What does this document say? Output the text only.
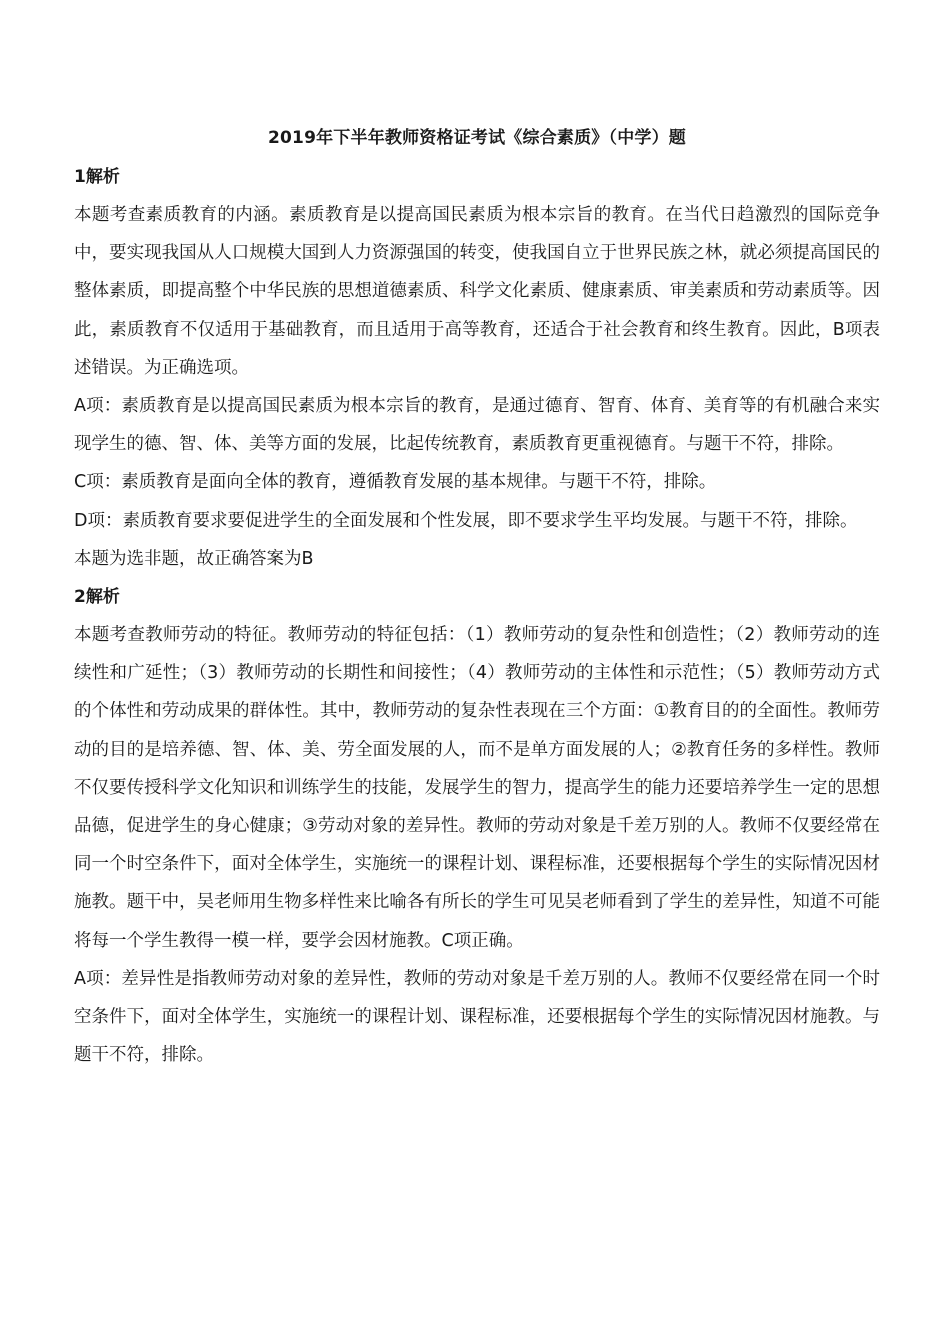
2019年下半年教师资格证考试《综合素质》（中学）题

1解析

本题考查素质教育的内涵。素质教育是以提高国民素质为根本宗旨的教育。在当代日趋激烈的国际竞争中，要实现我国从人口规模大国到人力资源强国的转变，使我国自立于世界民族之林，就必须提高国民的整体素质，即提高整个中华民族的思想道德素质、科学文化素质、健康素质、审美素质和劳动素质等。因此，素质教育不仅适用于基础教育，而且适用于高等教育，还适合于社会教育和终生教育。因此，B项表述错误。为正确选项。

A项：素质教育是以提高国民素质为根本宗旨的教育，是通过德育、智育、体育、美育等的有机融合来实现学生的德、智、体、美等方面的发展，比起传统教育，素质教育更重视德育。与题干不符，排除。

C项：素质教育是面向全体的教育，遵循教育发展的基本规律。与题干不符，排除。

D项：素质教育要求要促进学生的全面发展和个性发展，即不要求学生平均发展。与题干不符，排除。

本题为选非题，故正确答案为B

2解析

本题考查教师劳动的特征。教师劳动的特征包括：（1）教师劳动的复杂性和创造性；（2）教师劳动的连续性和广延性；（3）教师劳动的长期性和间接性；（4）教师劳动的主体性和示范性；（5）教师劳动方式的个体性和劳动成果的群体性。其中，教师劳动的复杂性表现在三个方面：①教育目的的全面性。教师劳动的目的是培养德、智、体、美、劳全面发展的人，而不是单方面发展的人；②教育任务的多样性。教师不仅要传授科学文化知识和训练学生的技能，发展学生的智力，提高学生的能力还要培养学生一定的思想品德，促进学生的身心健康；③劳动对象的差异性。教师的劳动对象是千差万别的人。教师不仅要经常在同一个时空条件下，面对全体学生，实施统一的课程计划、课程标准，还要根据每个学生的实际情况因材施教。题干中，吴老师用生物多样性来比喻各有所长的学生可见吴老师看到了学生的差异性，知道不可能将每一个学生教得一模一样，要学会因材施教。C项正确。

A项：差异性是指教师劳动对象的差异性，教师的劳动对象是千差万别的人。教师不仅要经常在同一个时空条件下，面对全体学生，实施统一的课程计划、课程标准，还要根据每个学生的实际情况因材施教。与题干不符，排除。
